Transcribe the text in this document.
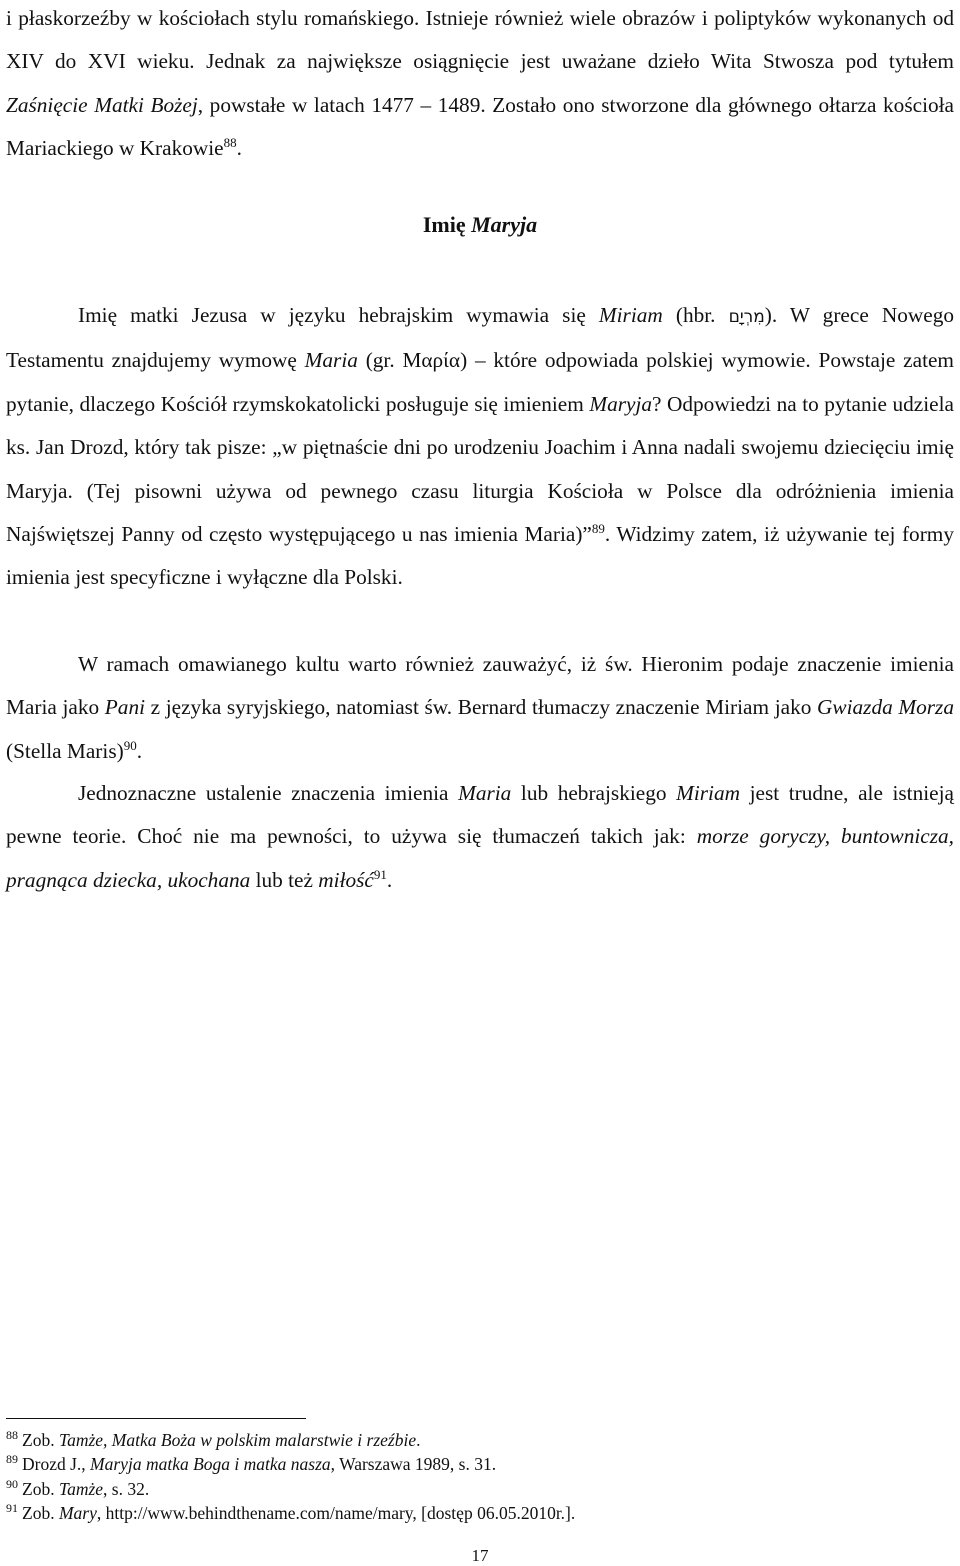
i płaskorzeźby w kościołach stylu romańskiego. Istnieje również wiele obrazów i poliptyków wykonanych od XIV do XVI wieku. Jednak za największe osiągnięcie jest uważane dzieło Wita Stwosza pod tytułem Zaśnięcie Matki Bożej, powstałe w latach 1477 – 1489. Zostało ono stworzone dla głównego ołtarza kościoła Mariackiego w Krakowie$^{88}$.

Imię Maryja

Imię matki Jezusa w języku hebrajskim wymawia się Miriam (hbr. מִרְיָם). W grece Nowego Testamentu znajdujemy wymowę Maria (gr. Μαρία) – które odpowiada polskiej wymowie. Powstaje zatem pytanie, dlaczego Kościół rzymskokatolicki posługuje się imieniem Maryja? Odpowiedzi na to pytanie udziela ks. Jan Drozd, który tak pisze: „w piętnaście dni po urodzeniu Joachim i Anna nadali swojemu dziecięciu imię Maryja. (Tej pisowni używa od pewnego czasu liturgia Kościoła w Polsce dla odróżnienia imienia Najświętszej Panny od często występującego u nas imienia Maria)”$^{89}$. Widzimy zatem, iż używanie tej formy imienia jest specyficzne i wyłączne dla Polski.

W ramach omawianego kultu warto również zauważyć, iż św. Hieronim podaje znaczenie imienia Maria jako Pani z języka syryjskiego, natomiast św. Bernard tłumaczy znaczenie Miriam jako Gwiazda Morza (Stella Maris)$^{90}$.

Jednoznaczne ustalenie znaczenia imienia Maria lub hebrajskiego Miriam jest trudne, ale istnieją pewne teorie. Choć nie ma pewności, to używa się tłumaczeń takich jak: morze goryczy, buntownicza, pragnąca dziecka, ukochana lub też miłość$^{91}$.

$^{88}$ Zob. Tamże, Matka Boża w polskim malarstwie i rzeźbie.

$^{89}$ Drozd J., Maryja matka Boga i matka nasza, Warszawa 1989, s. 31.

$^{90}$ Zob. Tamże, s. 32.

$^{91}$ Zob. Mary, http://www.behindthename.com/name/mary, [dostęp 06.05.2010r.].

17
